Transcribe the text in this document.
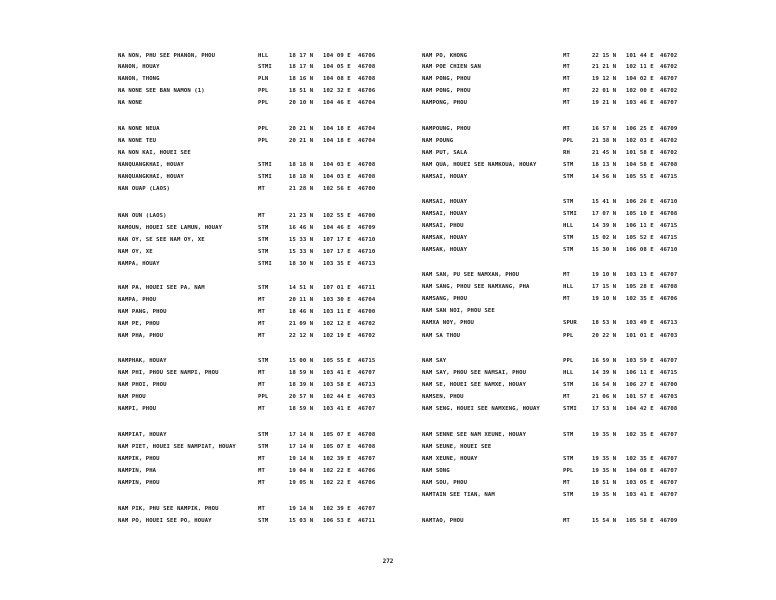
NA NON, PHU SEE PHANON, PHOU	HLL	18 17 N 104 09 E 46706
NANON, HOUAY	STMI	18 17 N 104 05 E 46708
NANON, THONG	PLN	18 16 N 104 08 E 46708
NA NONE SEE BAN NAMON (1)	PPL	18 51 N 102 32 E 46706
NA NONE	PPL	20 10 N 104 46 E 46704
NA NONE NEUA	PPL	20 21 N 104 18 E 46704
NA NONE TEU	PPL	20 21 N 104 18 E 46704
NA NON KAI, HOUEI SEE
NANQUANGKHAI, HOUAY	STMI	18 18 N 104 03 E 46708
NANQUANGKHAI, HOUAY	STMI	18 18 N 104 03 E 46708
NAN OUAP (LAOS)	MT	21 28 N 102 56 E 46700
NAN OUN (LAOS)	MT	21 23 N 102 55 E 46700
NAMOUN, HOUEI SEE LAMUN, HOUAY	STM	16 46 N 104 46 E 46709
NAN OY, SE SEE NAM OY, XE	STM	15 33 N 107 17 E 46710
NAM OY, XE	STM	15 33 N 107 17 E 46710
NAMPA, HOUAY	STMI	18 30 N 103 35 E 46713
NAM PA, HOUEI SEE PA, NAM	STM	14 51 N 107 01 E 46711
NAMPA, PHOU	MT	20 11 N 103 30 E 46704
NAM PANG, PHOU	MT	18 46 N 103 11 E 46700
NAM PE, PHOU	MT	21 09 N 102 12 E 46702
NAM PHA, PHOU	MT	22 12 N 102 19 E 46702
NAMPHAK, HOUAY	STM	15 00 N 105 55 E 46715
NAM PHI, PHOU SEE NAMPI, PHOU	MT	18 59 N 103 41 E 46707
NAM PHOI, PHOU	MT	18 39 N 103 58 E 46713
NAM PHOU	PPL	20 57 N 102 44 E 46703
NAMPI, PHOU	MT	18 59 N 103 41 E 46707
NAMPIAT, HOUAY	STM	17 14 N 105 07 E 46708
NAM PIET, HOUEI SEE NAMPIAT, HOUAY	STM	17 14 N 105 07 E 46708
NAMPIK, PHOU	MT	19 14 N 102 39 E 46707
NAMPIN, PHA	MT	19 04 N 102 22 E 46706
NAMPIN, PHOU	MT	19 05 N 102 22 E 46706
NAM PIK, PHU SEE NAMPIK, PHOU	MT	19 14 N 102 39 E 46707
NAM PO, HOUEI SEE PO, HOUAY	STM	15 03 N 106 53 E 46711
NAM PO, KHONG	MT	22 15 N 101 44 E 46702
NAM POE CHIEN SAN	MT	21 21 N 102 11 E 46702
NAM PONG, PHOU	MT	19 12 N 104 02 E 46707
NAM PONG, PHOU	MT	22 01 N 102 00 E 46702
NAMPONG, PHOU	MT	19 21 N 103 46 E 46707
NAMPOUNG, PHOU	MT	16 57 N 106 25 E 46709
NAM POUNG	PPL	21 38 N 102 03 E 46702
NAM PUT, SALA	RH	21 45 N 101 58 E 46702
NAM QUA, HOUEI SEE NAMKOUA, HOUAY	STM	18 13 N 104 58 E 46708
NAMSAI, HOUAY	STM	14 56 N 105 55 E 46715
NAMSAI, HOUAY	STM	15 41 N 106 26 E 46710
NAMSAI, HOUAY	STMI	17 07 N 105 10 E 46708
NAMSAI, PHOU	HLL	14 39 N 106 11 E 46715
NAMSAK, HOUAY	STM	15 02 N 105 52 E 46715
NAMSAK, HOUAY	STM	15 30 N 106 08 E 46710
NAM SAN, PU SEE NAMXAN, PHOU	MT	19 10 N 103 13 E 46707
NAM SANG, PHOU SEE NAMXANG, PHA	HLL	17 15 N 105 28 E 46708
NAMSANG, PHOU	MT	19 10 N 102 35 E 46706
NAM SAN NOI, PHOU SEE
NAMXA NOY, PHOU	SPUR	18 53 N 103 49 E 46713
NAM SA THOU	PPL	20 22 N 101 01 E 46703
NAM SAY	PPL	16 59 N 103 59 E 46707
NAM SAY, PHOU SEE NAMSAI, PHOU	HLL	14 39 N 106 11 E 46715
NAM SE, HOUEI SEE NAMXE, HOUAY	STM	16 54 N 106 27 E 46700
NAMSEN, PHOU	MT	21 06 N 101 57 E 46703
NAM SENG, HOUEI SEE NAMXENG, HOUAY	STMI	17 53 N 104 42 E 46708
NAM SENNE SEE NAM XEUNE, HOUAY	STM	19 35 N 102 35 E 46707
NAM SEUNE, HOUEI SEE
NAM XEUNE, HOUAY	STM	19 35 N 102 35 E 46707
NAM SONG	PPL	19 35 N 104 08 E 46707
NAM SOU, PHOU	MT	18 51 N 103 05 E 46707
NAMTAIN SEE TIAN, NAM	STM	19 35 N 103 41 E 46707
NAMTAO, PHOU	MT	15 54 N 105 58 E 46709
272
